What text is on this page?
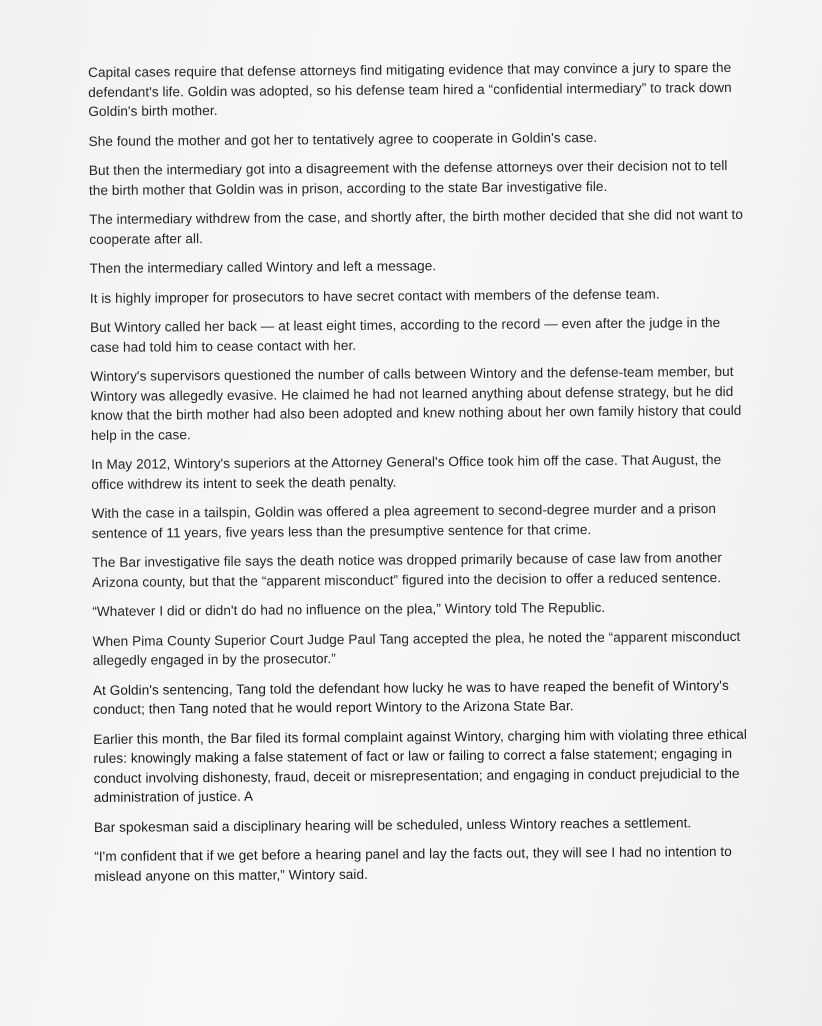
Capital cases require that defense attorneys find mitigating evidence that may convince a jury to spare the defendant's life. Goldin was adopted, so his defense team hired a “confidential intermediary” to track down Goldin's birth mother.

She found the mother and got her to tentatively agree to cooperate in Goldin's case.

But then the intermediary got into a disagreement with the defense attorneys over their decision not to tell the birth mother that Goldin was in prison, according to the state Bar investigative file.

The intermediary withdrew from the case, and shortly after, the birth mother decided that she did not want to cooperate after all.

Then the intermediary called Wintory and left a message.

It is highly improper for prosecutors to have secret contact with members of the defense team.

But Wintory called her back — at least eight times, according to the record — even after the judge in the case had told him to cease contact with her.

Wintory's supervisors questioned the number of calls between Wintory and the defense-team member, but Wintory was allegedly evasive. He claimed he had not learned anything about defense strategy, but he did know that the birth mother had also been adopted and knew nothing about her own family history that could help in the case.

In May 2012, Wintory's superiors at the Attorney General's Office took him off the case. That August, the office withdrew its intent to seek the death penalty.

With the case in a tailspin, Goldin was offered a plea agreement to second-degree murder and a prison sentence of 11 years, five years less than the presumptive sentence for that crime.

The Bar investigative file says the death notice was dropped primarily because of case law from another Arizona county, but that the “apparent misconduct” figured into the decision to offer a reduced sentence.

“Whatever I did or didn't do had no influence on the plea,” Wintory told The Republic.

When Pima County Superior Court Judge Paul Tang accepted the plea, he noted the “apparent misconduct allegedly engaged in by the prosecutor.”

At Goldin's sentencing, Tang told the defendant how lucky he was to have reaped the benefit of Wintory's conduct; then Tang noted that he would report Wintory to the Arizona State Bar.

Earlier this month, the Bar filed its formal complaint against Wintory, charging him with violating three ethical rules: knowingly making a false statement of fact or law or failing to correct a false statement; engaging in conduct involving dishonesty, fraud, deceit or misrepresentation; and engaging in conduct prejudicial to the administration of justice. A

Bar spokesman said a disciplinary hearing will be scheduled, unless Wintory reaches a settlement.

“I'm confident that if we get before a hearing panel and lay the facts out, they will see I had no intention to mislead anyone on this matter,” Wintory said.
